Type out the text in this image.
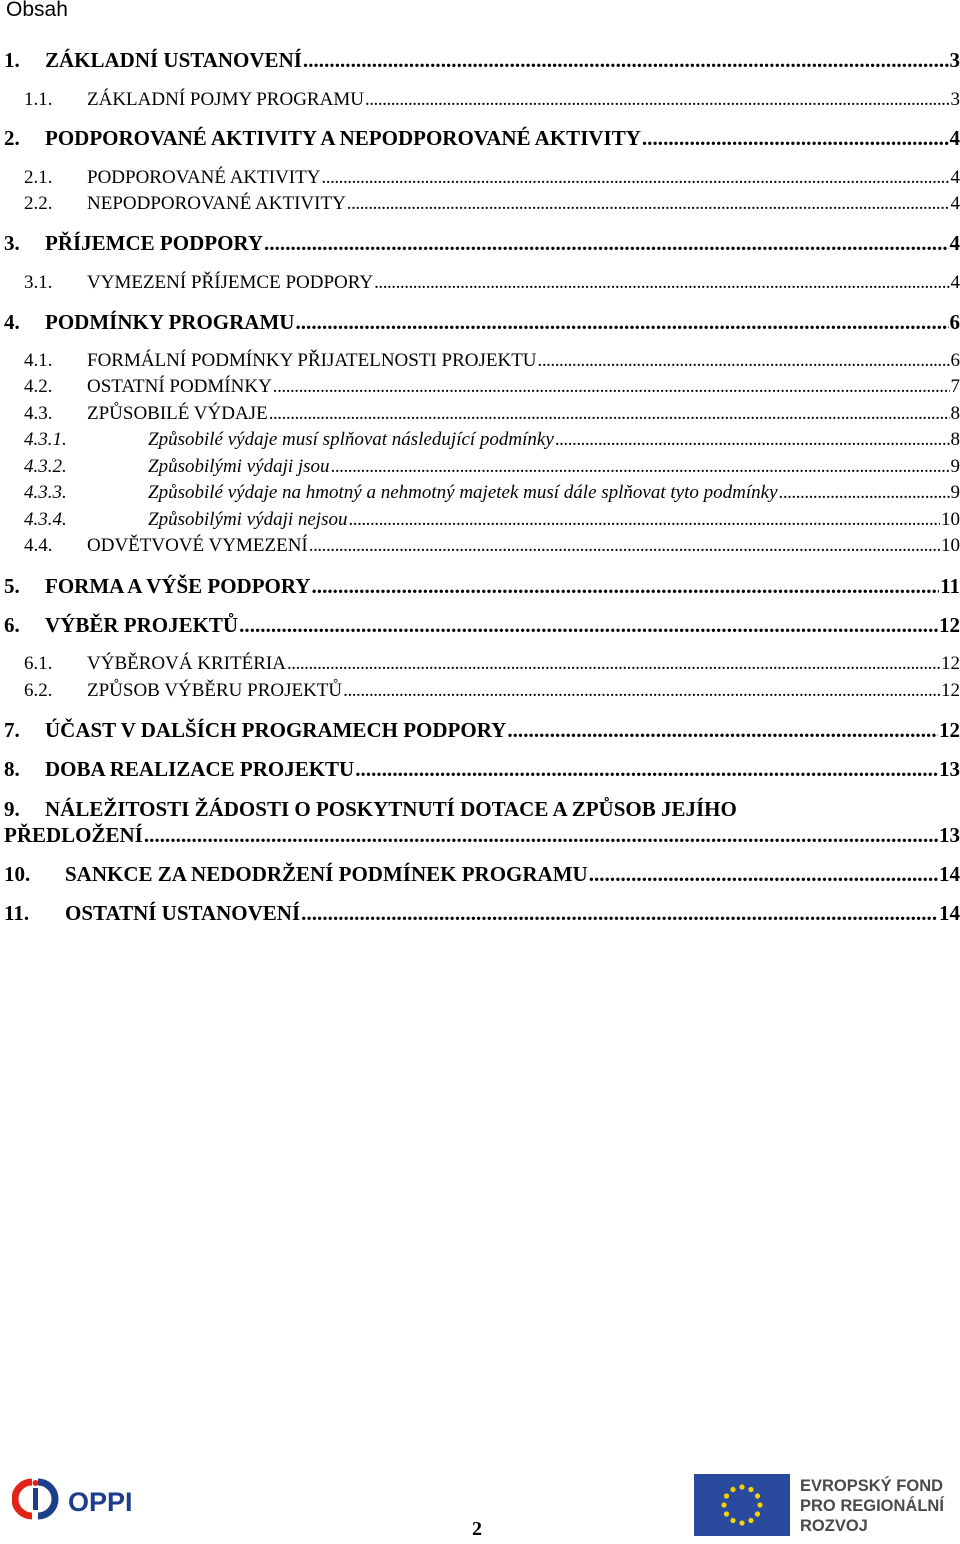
Obsah
1.	ZÁKLADNÍ USTANOVENÍ . . .	3
1.1.	ZÁKLADNÍ POJMY PROGRAMU . . .	3
2.	PODPOROVANÉ AKTIVITY A NEPODPOROVANÉ AKTIVITY . . .	4
2.1.	PODPOROVANÉ AKTIVITY . . .	4
2.2.	NEPODPOROVANÉ AKTIVITY . . .	4
3.	PŘÍJEMCE PODPORY . . .	4
3.1.	VYMEZENÍ PŘÍJEMCE PODPORY . . .	4
4.	PODMÍNKY PROGRAMU . . .	6
4.1.	FORMÁLNÍ PODMÍNKY PŘIJATELNOSTI PROJEKTU . . .	6
4.2.	OSTATNÍ PODMÍNKY . . .	7
4.3.	ZPŮSOBILÉ VÝDAJE . . .	8
4.3.1.	Způsobilé výdaje musí splňovat následující podmínky . . .	8
4.3.2.	Způsobilými výdaji jsou . . .	9
4.3.3.	Způsobilé výdaje na hmotný a nehmotný majetek musí dále splňovat tyto podmínky . . .	9
4.3.4.	Způsobilými výdaji nejsou . . .	10
4.4.	ODVĚTVOVÉ VYMEZENÍ . . .	10
5.	FORMA A VÝŠE PODPORY . . .	11
6.	VÝBĚR PROJEKTŮ . . .	12
6.1.	VÝBĚROVÁ KRITÉRIA . . .	12
6.2.	ZPŮSOB VÝBĚRU PROJEKTŮ . . .	12
7.	ÚČAST V DALŠÍCH PROGRAMECH PODPORY . . .	12
8.	DOBA REALIZACE PROJEKTU . . .	13
9.	NÁLEŽITOSTI ŽÁDOSTI O POSKYTNUTÍ DOTACE A ZPŮSOB JEJÍHO
PŘEDLOŽENÍ . . .	13
10.	SANKCE ZA NEDODRŽENÍ PODMÍNEK PROGRAMU . . .	14
11.	OSTATNÍ USTANOVENÍ . . .	14
OPPI
2
EVROPSKÝ FOND
PRO REGIONÁLNÍ
ROZVOJ
